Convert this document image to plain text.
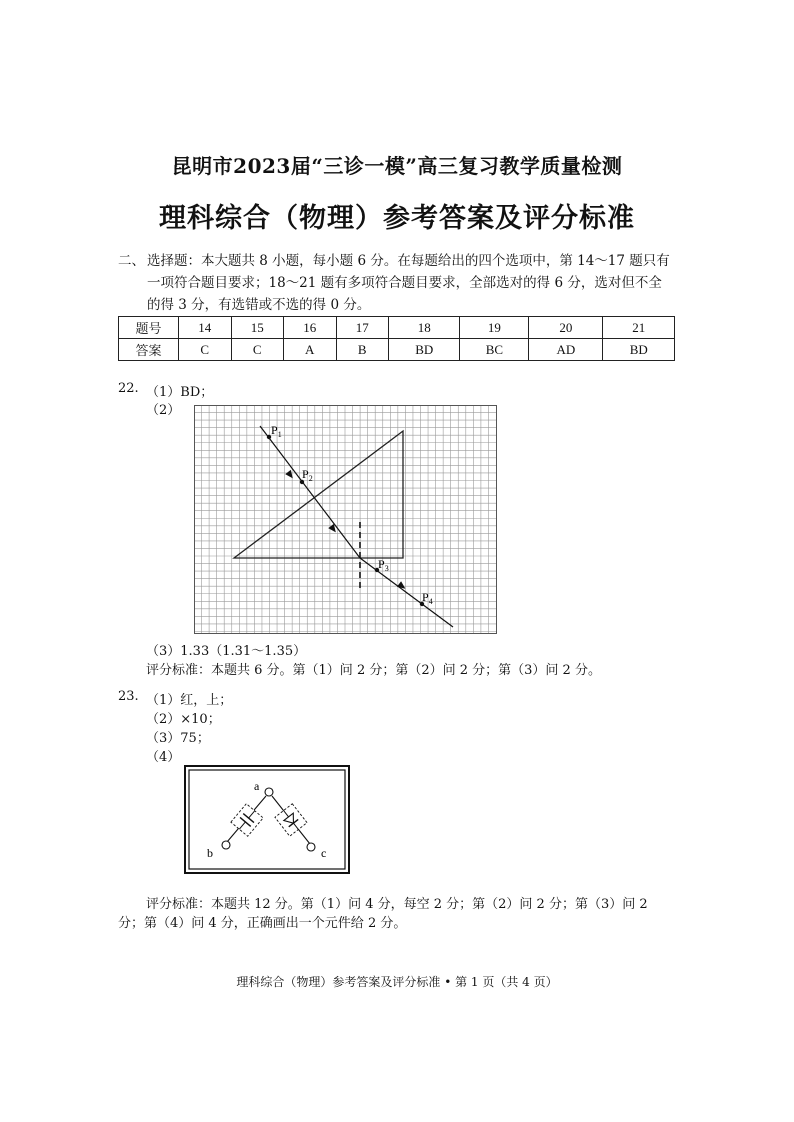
昆明市2023届“三诊一模”高三复习教学质量检测
理科综合（物理）参考答案及评分标准
二、 选择题：本大题共 8 小题，每小题 6 分。在每题给出的四个选项中，第 14～17 题只有
一项符合题目要求；18～21 题有多项符合题目要求，全部选对的得 6 分，选对但不全
的得 3 分，有选错或不选的得 0 分。
题号	14	15	16	17	18	19	20	21
答案	C	C	A	B	BD	BC	AD	BD
22. （1）BD；
（2）
$P_1$
$P_2$
$P_3$
$P_4$
（3）1.33（1.31～1.35）
评分标准：本题共 6 分。第（1）问 2 分；第（2）问 2 分；第（3）问 2 分。
23. （1）红，上；
（2）×10；
（3）75；
（4）
a
b	c
评分标准：本题共 12 分。第（1）问 4 分，每空 2 分；第（2）问 2 分；第（3）问 2
分；第（4）问 4 分，正确画出一个元件给 2 分。
理科综合（物理）参考答案及评分标准 • 第 1 页（共 4 页）
